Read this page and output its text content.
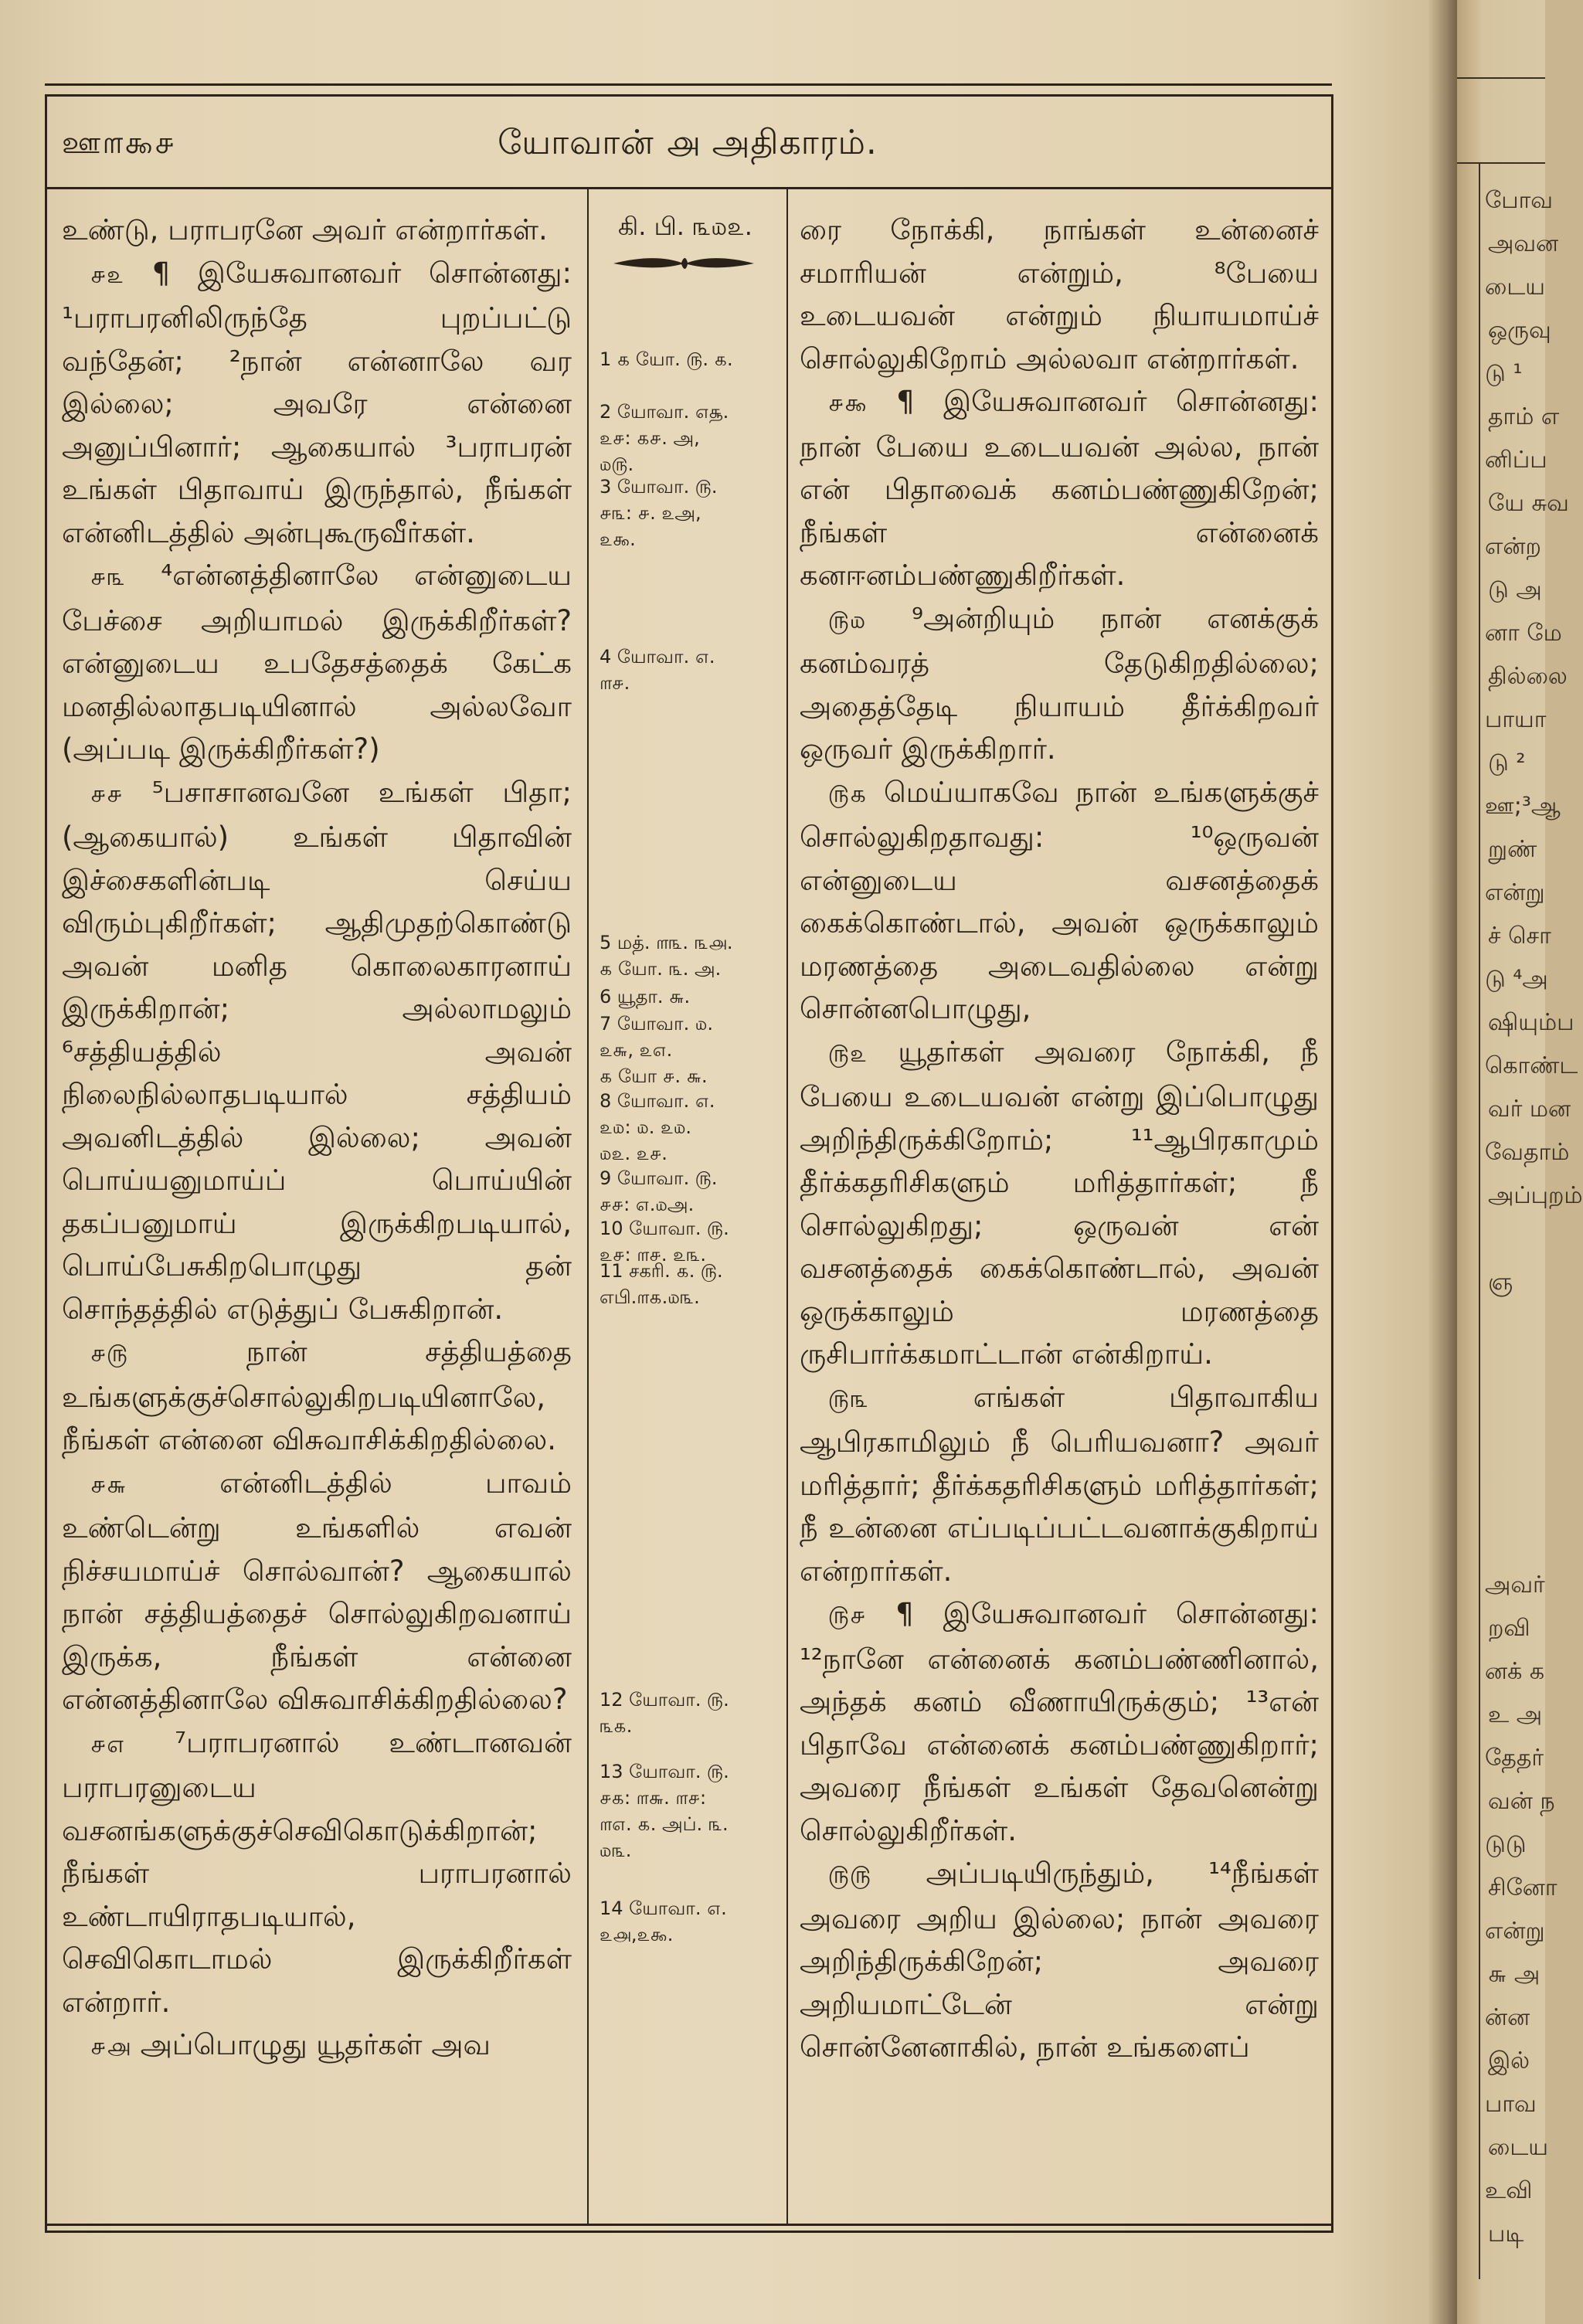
போவ
அவன
டைய
ஒருவு
டு ¹
தாம் எ
னிப்ப
யே சுவ
என்ற
டு அ
னா மே
தில்லை
பாயா
டு ²
ஊ;³ஆ
றுண்
என்று
ச் சொ
டு ⁴அ
ஷியும்ப
கொண்ட
வர் மன
வேதாம்
அப்புறம்
ஞ
அவர்
றவி
னக் க
உ அ
தேதர்
வன் ந
டுடு
சினோ
என்று
௬ அ
ன்ன
இல்
பாவ
டைய
உவி
படி
ஊ௱௯௪	யோவான் ௮ அதிகாரம்.

உண்டு, பராபரனே அவர் என்றார்கள்.

 ௪௨ ¶ இயேசுவானவர் சொன்னது: ¹பராபரனிலிருந்தே புறப்பட்டு வந்தேன்; ²நான் என்னாலே வர இல்லை; அவரே என்னை அனுப்பினார்; ஆகையால் ³பராபரன் உங்கள் பிதாவாய் இருந்தால், நீங்கள் என்னிடத்தில் அன்புகூருவீர்கள்.

 ௪௩ ⁴என்னத்தினாலே என்னுடைய பேச்சை அறியாமல் இருக்கிறீர்கள்? என்னுடைய உபதேசத்தைக் கேட்க மனதில்லாதபடியினால் அல்லவோ (அப்படி இருக்கிறீர்கள்?)

 ௪௪ ⁵பசாசானவனே உங்கள் பிதா; (ஆகையால்) உங்கள் பிதாவின் இச்சைகளின்படி செய்ய விரும்புகிறீர்கள்; ஆதிமுதற்கொண்டு அவன் மனித கொலைகாரனாய் இருக்கிறான்; அல்லாமலும் ⁶சத்தியத்தில் அவன் நிலைநில்லாதபடியால் சத்தியம் அவனிடத்தில் இல்லை; அவன் பொய்யனுமாய்ப் பொய்யின் தகப்பனுமாய் இருக்கிறபடியால், பொய்பேசுகிறபொழுது தன் சொந்தத்தில் எடுத்துப் பேசுகிறான்.

 ௪௫	நான் சத்தியத்தை உங்களுக்குச்சொல்லுகிறபடியினாலே, நீங்கள் என்னை விசுவாசிக்கிறதில்லை.

 ௪௬	என்னிடத்தில் பாவம் உண்டென்று உங்களில் எவன் நிச்சயமாய்ச் சொல்வான்? ஆகையால் நான் சத்தியத்தைச் சொல்லுகிறவனாய் இருக்க, நீங்கள் என்னை என்னத்தினாலே விசுவாசிக்கிறதில்லை?

 ௪௭ ⁷பராபரனால் உண்டானவன் பராபரனுடைய வசனங்களுக்குச்செவிகொடுக்கிறான்; நீங்கள் பராபரனால் உண்டாயிராதபடியால், செவிகொடாமல் இருக்கிறீர்கள் என்றார்.

 ௪௮ அப்பொழுது யூதர்கள் அவ

கி. பி. ௩௰௨.
1 ௧ யோ. ௫. ௧.
2 யோவா. ௭௲.
௨௪: ௧௪. அ,
௰௫.
3 யோவா. ௫.
௪௩: ௪. ௨அ,
௨௯.
4 யோவா. ௭.
௱௪.
5 மத். ௱௩. ௩௮.
௧ யோ. ௩. அ.
6 யூதா. ௬.
7 யோவா. ௰.
௨௬, ௨௭.
௧ யோ ௪. ௬.
8 யோவா. ௭.
௨௰: ௰. ௨௰.
௰௨. ௨௪.
9 யோவா. ௫.
௪௪: ௭.௰அ.
10 யோவா. ௫.
௨௪: ௱௪. ௨௩.
11 சகரி. ௧. ௫.
எபி.௱௧.௰௩.
12 யோவா. ௫.
௩௧.
13 யோவா. ௫.
௪௧: ௱௬. ௱௪:
௱௭. ௧. அப். ௩.
௰௩.
14 யோவா. ௭.
௨௮,௨௯.

ரை நோக்கி, நாங்கள் உன்னைச் சமாரியன் என்றும், ⁸பேயை உடையவன் என்றும் நியாயமாய்ச் சொல்லுகிறோம் அல்லவா என்றார்கள்.

 ௪௯ ¶ இயேசுவானவர் சொன்னது: நான் பேயை உடையவன் அல்ல, நான் என் பிதாவைக் கனம்பண்ணுகிறேன்; நீங்கள் என்னைக் கனஈனம்பண்ணுகிறீர்கள்.

 ௫௰ ⁹அன்றியும் நான் எனக்குக் கனம்வரத் தேடுகிறதில்லை; அதைத்தேடி நியாயம் தீர்க்கிறவர் ஒருவர் இருக்கிறார்.

 ௫௧ மெய்யாகவே நான் உங்களுக்குச் சொல்லுகிறதாவது: ¹⁰ஒருவன் என்னுடைய வசனத்தைக் கைக்கொண்டால், அவன் ஒருக்காலும் மரணத்தை அடைவதில்லை என்று சொன்னபொழுது,

 ௫௨ யூதர்கள் அவரை நோக்கி, நீ பேயை உடையவன் என்று இப்பொழுது அறிந்திருக்கிறோம்; ¹¹ஆபிரகாமும் தீர்க்கதரிசிகளும் மரித்தார்கள்; நீ சொல்லுகிறது; ஒருவன் என் வசனத்தைக் கைக்கொண்டால், அவன் ஒருக்காலும் மரணத்தை ருசிபார்க்கமாட்டான் என்கிறாய்.

 ௫௩	எங்கள் பிதாவாகிய ஆபிரகாமிலும் நீ பெரியவனா? அவர் மரித்தார்; தீர்க்கதரிசிகளும் மரித்தார்கள்; நீ உன்னை எப்படிப்பட்டவனாக்குகிறாய் என்றார்கள்.

 ௫௪ ¶ இயேசுவானவர் சொன்னது: ¹²நானே என்னைக் கனம்பண்ணினால், அந்தக் கனம் வீணாயிருக்கும்; ¹³என் பிதாவே என்னைக் கனம்பண்ணுகிறார்; அவரை நீங்கள் உங்கள் தேவனென்று சொல்லுகிறீர்கள்.

 ௫௫ அப்படியிருந்தும், ¹⁴நீங்கள் அவரை அறிய இல்லை; நான் அவரை அறிந்திருக்கிறேன்; அவரை அறியமாட்டேன் என்று சொன்னேனாகில், நான் உங்களைப்
